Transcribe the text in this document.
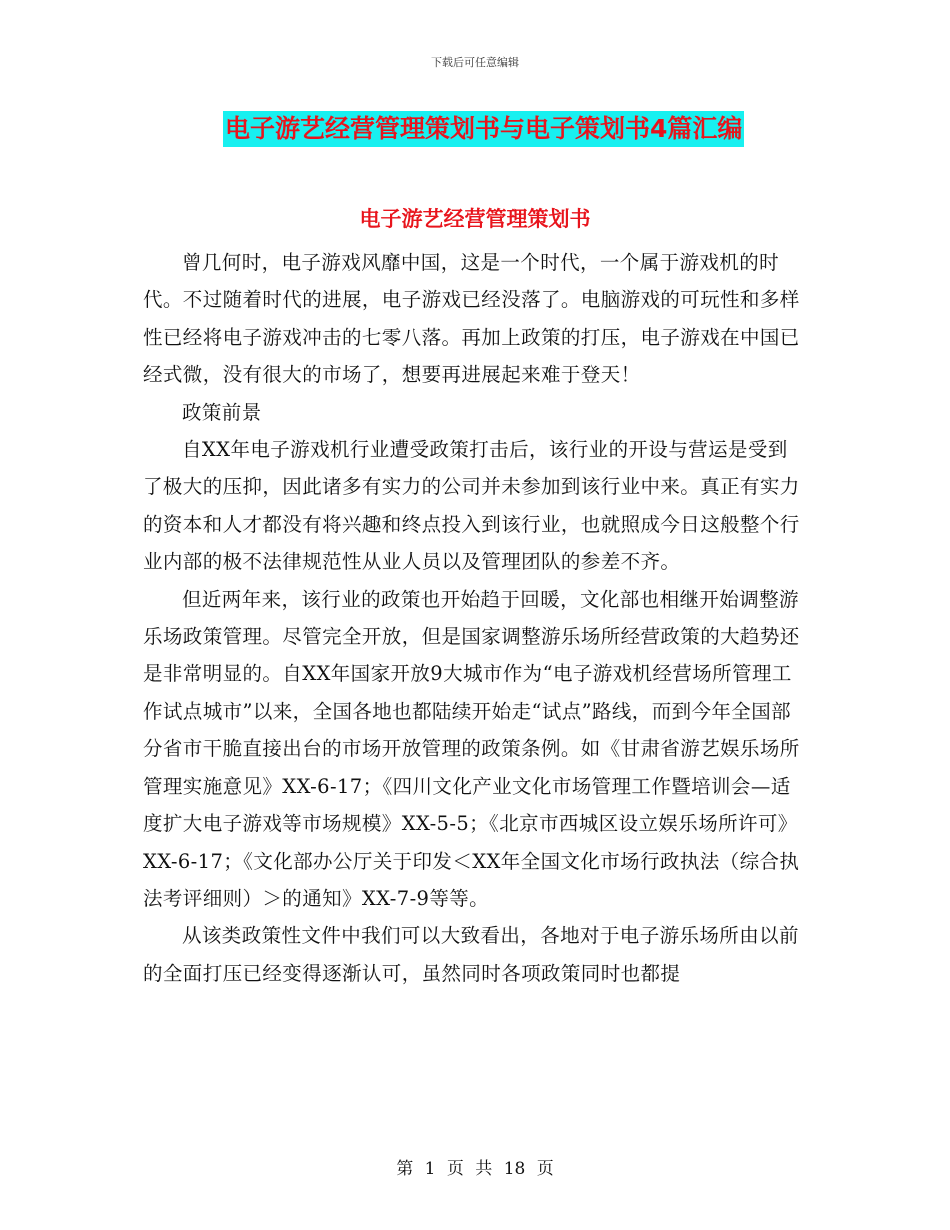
下载后可任意编辑
电子游艺经营管理策划书与电子策划书4篇汇编
电子游艺经营管理策划书

曾几何时，电子游戏风靡中国，这是一个时代，一个属于游戏机的时代。不过随着时代的进展，电子游戏已经没落了。电脑游戏的可玩性和多样性已经将电子游戏冲击的七零八落。再加上政策的打压，电子游戏在中国已经式微，没有很大的市场了，想要再进展起来难于登天！

政策前景

自XX年电子游戏机行业遭受政策打击后，该行业的开设与营运是受到了极大的压抑，因此诸多有实力的公司并未参加到该行业中来。真正有实力的资本和人才都没有将兴趣和终点投入到该行业，也就照成今日这般整个行业内部的极不法律规范性从业人员以及管理团队的参差不齐。

但近两年来，该行业的政策也开始趋于回暖，文化部也相继开始调整游乐场政策管理。尽管完全开放，但是国家调整游乐场所经营政策的大趋势还是非常明显的。自XX年国家开放9大城市作为“电子游戏机经营场所管理工作试点城市”以来，全国各地也都陆续开始走“试点”路线，而到今年全国部分省市干脆直接出台的市场开放管理的政策条例。如《甘肃省游艺娱乐场所管理实施意见》XX-6-17；《四川文化产业文化市场管理工作暨培训会—适度扩大电子游戏等市场规模》XX-5-5；《北京市西城区设立娱乐场所许可》XX-6-17；《文化部办公厅关于印发＜XX年全国文化市场行政执法（综合执法考评细则）＞的通知》XX-7-9等等。

从该类政策性文件中我们可以大致看出，各地对于电子游乐场所由以前的全面打压已经变得逐渐认可，虽然同时各项政策同时也都提

第 1 页 共 18 页
